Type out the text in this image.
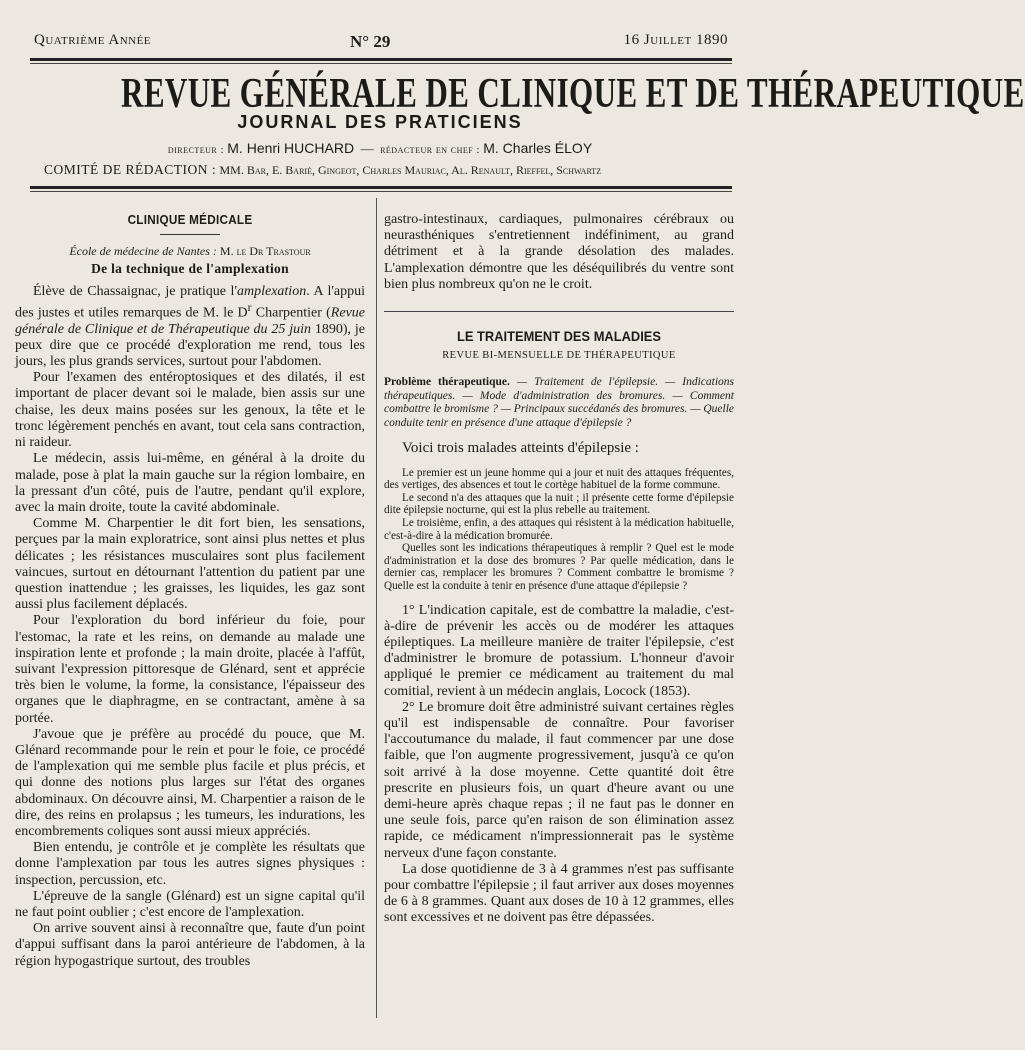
Quatrième Année	N° 29	16 Juillet 1890
REVUE GÉNÉRALE DE CLINIQUE ET DE THÉRAPEUTIQUE
JOURNAL DES PRATICIENS
directeur : M. Henri HUCHARD  —  rédacteur en chef : M. Charles ÉLOY
COMITÉ DE RÉDACTION : MM. Bar, E. Barié, Gingeot, Charles Mauriac, Al. Renault, Rieffel, Schwartz
CLINIQUE MÉDICALE
École de médecine de Nantes : M. le Dr Trastour
De la technique de l'amplexation

Élève de Chassaignac, je pratique l'amplexation. A l'appui des justes et utiles remarques de M. le $D^r$ Charpentier (Revue générale de Clinique et de Thérapeutique du 25 juin 1890), je peux dire que ce procédé d'exploration me rend, tous les jours, les plus grands services, surtout pour l'abdomen.

Pour l'examen des entéroptosiques et des dilatés, il est important de placer devant soi le malade, bien assis sur une chaise, les deux mains posées sur les genoux, la tête et le tronc légèrement penchés en avant, tout cela sans contraction, ni raideur.

Le médecin, assis lui-même, en général à la droite du malade, pose à plat la main gauche sur la région lombaire, en la pressant d'un côté, puis de l'autre, pendant qu'il explore, avec la main droite, toute la cavité abdominale.

Comme M. Charpentier le dit fort bien, les sensations, perçues par la main exploratrice, sont ainsi plus nettes et plus délicates ; les résistances musculaires sont plus facilement vaincues, surtout en détournant l'attention du patient par une question inattendue ; les graisses, les liquides, les gaz sont aussi plus facilement déplacés.

Pour l'exploration du bord inférieur du foie, pour l'estomac, la rate et les reins, on demande au malade une inspiration lente et profonde ; la main droite, placée à l'affût, suivant l'expression pittoresque de Glénard, sent et apprécie très bien le volume, la forme, la consistance, l'épaisseur des organes que le diaphragme, en se contractant, amène à sa portée.

J'avoue que je préfère au procédé du pouce, que M. Glénard recommande pour le rein et pour le foie, ce procédé de l'amplexation qui me semble plus facile et plus précis, et qui donne des notions plus larges sur l'état des organes abdominaux. On découvre ainsi, M. Charpentier a raison de le dire, des reins en prolapsus ; les tumeurs, les indurations, les encombrements coliques sont aussi mieux appréciés.

Bien entendu, je contrôle et je complète les résultats que donne l'amplexation par tous les autres signes physiques : inspection, percussion, etc.

L'épreuve de la sangle (Glénard) est un signe capital qu'il ne faut point oublier ; c'est encore de l'amplexation.

On arrive souvent ainsi à reconnaître que, faute d'un point d'appui suffisant dans la paroi antérieure de l'abdomen, à la région hypogastrique surtout, des troubles

gastro-intestinaux, cardiaques, pulmonaires cérébraux ou neurasthéniques s'entretiennent indéfiniment, au grand détriment et à la grande désolation des malades. L'amplexation démontre que les déséquilibrés du ventre sont bien plus nombreux qu'on ne le croit.

LE TRAITEMENT DES MALADIES
REVUE BI-MENSUELLE DE THÉRAPEUTIQUE
Problème thérapeutique. — Traitement de l'épilepsie. — Indications thérapeutiques. — Mode d'administration des bromures. — Comment combattre le bromisme ? — Principaux succédanés des bromures. — Quelle conduite tenir en présence d'une attaque d'épilepsie ?
Voici trois malades atteints d'épilepsie :

Le premier est un jeune homme qui a jour et nuit des attaques fréquentes, des vertiges, des absences et tout le cortège habituel de la forme commune.

Le second n'a des attaques que la nuit ; il présente cette forme d'épilepsie dite épilepsie nocturne, qui est la plus rebelle au traitement.

Le troisième, enfin, a des attaques qui résistent à la médication habituelle, c'est-à-dire à la médication bromurée.

Quelles sont les indications thérapeutiques à remplir ? Quel est le mode d'administration et la dose des bromures ? Par quelle médication, dans le dernier cas, remplacer les bromures ? Comment combattre le bromisme ? Quelle est la conduite à tenir en présence d'une attaque d'épilepsie ?

1° L'indication capitale, est de combattre la maladie, c'est-à-dire de prévenir les accès ou de modérer les attaques épileptiques. La meilleure manière de traiter l'épilepsie, c'est d'administrer le bromure de potassium. L'honneur d'avoir appliqué le premier ce médicament au traitement du mal comitial, revient à un médecin anglais, Locock (1853).

2° Le bromure doit être administré suivant certaines règles qu'il est indispensable de connaître. Pour favoriser l'accoutumance du malade, il faut commencer par une dose faible, que l'on augmente progressivement, jusqu'à ce qu'on soit arrivé à la dose moyenne. Cette quantité doit être prescrite en plusieurs fois, un quart d'heure avant ou une demi-heure après chaque repas ; il ne faut pas le donner en une seule fois, parce qu'en raison de son élimination assez rapide, ce médicament n'impressionnerait pas le système nerveux d'une façon constante.

La dose quotidienne de 3 à 4 grammes n'est pas suffisante pour combattre l'épilepsie ; il faut arriver aux doses moyennes de 6 à 8 grammes. Quant aux doses de 10 à 12 grammes, elles sont excessives et ne doivent pas être dépassées.
